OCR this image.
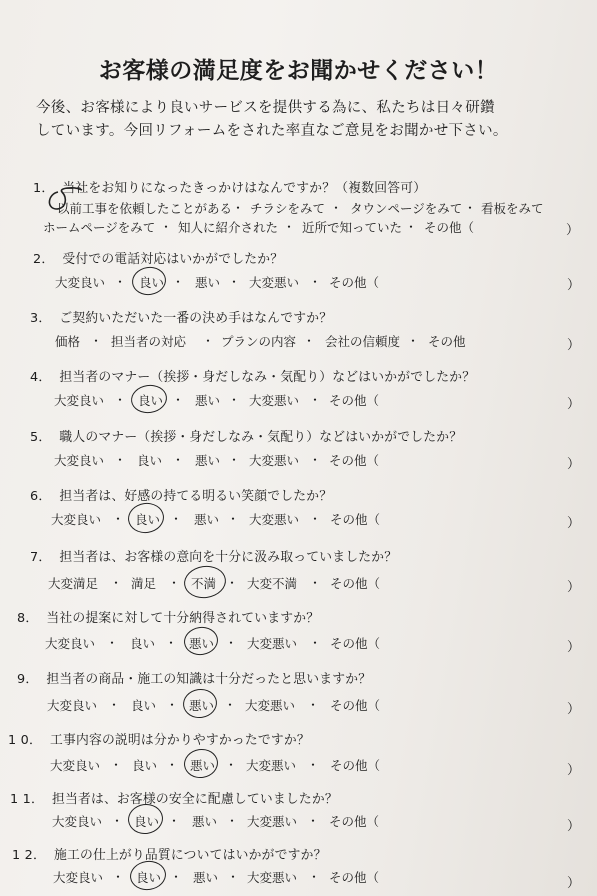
お客様の満足度をお聞かせください！
今後、お客様により良いサービスを提供する為に、私たちは日々研鑽
しています。今回リフォームをされた率直なご意見をお聞かせ下さい。
1． 当社をお知りになったきっかけはなんですか？（複数回答可）
以前工事を依頼したことがある ・ チラシをみて ・ タウンページをみて ・ 看板をみて
ホームページをみて ・ 知人に紹介された ・ 近所で知っていた ・ その他（	）
2． 受付での電話対応はいかがでしたか？
大変良い ・ 良い ・ 悪い ・ 大変悪い ・ その他（	）
3． ご契約いただいた一番の決め手はなんですか？
価格 ・ 担当者の対応 ・ プランの内容 ・ 会社の信頼度 ・ その他	）
4． 担当者のマナー（挨拶・身だしなみ・気配り）などはいかがでしたか？
大変良い ・ 良い ・ 悪い ・ 大変悪い ・ その他（	）
5． 職人のマナー（挨拶・身だしなみ・気配り）などはいかがでしたか？
大変良い ・ 良い ・ 悪い ・ 大変悪い ・ その他（	）
6． 担当者は、好感の持てる明るい笑顔でしたか？
大変良い ・ 良い ・ 悪い ・ 大変悪い ・ その他（	）
7． 担当者は、お客様の意向を十分に汲み取っていましたか？
大変満足 ・ 満足 ・ 不満 ・ 大変不満 ・ その他（	）
8． 当社の提案に対して十分納得されていますか？
大変良い ・ 良い ・ 悪い ・ 大変悪い ・ その他（	）
9． 担当者の商品・施工の知識は十分だったと思いますか？
大変良い ・ 良い ・ 悪い ・ 大変悪い ・ その他（	）
1 0． 工事内容の説明は分かりやすかったですか？
大変良い ・ 良い ・ 悪い ・ 大変悪い ・ その他（	）
1 1． 担当者は、お客様の安全に配慮していましたか？
大変良い ・ 良い ・ 悪い ・ 大変悪い ・ その他（	）
1 2． 施工の仕上がり品質についてはいかがですか？
大変良い ・ 良い ・ 悪い ・ 大変悪い ・ その他（	）
